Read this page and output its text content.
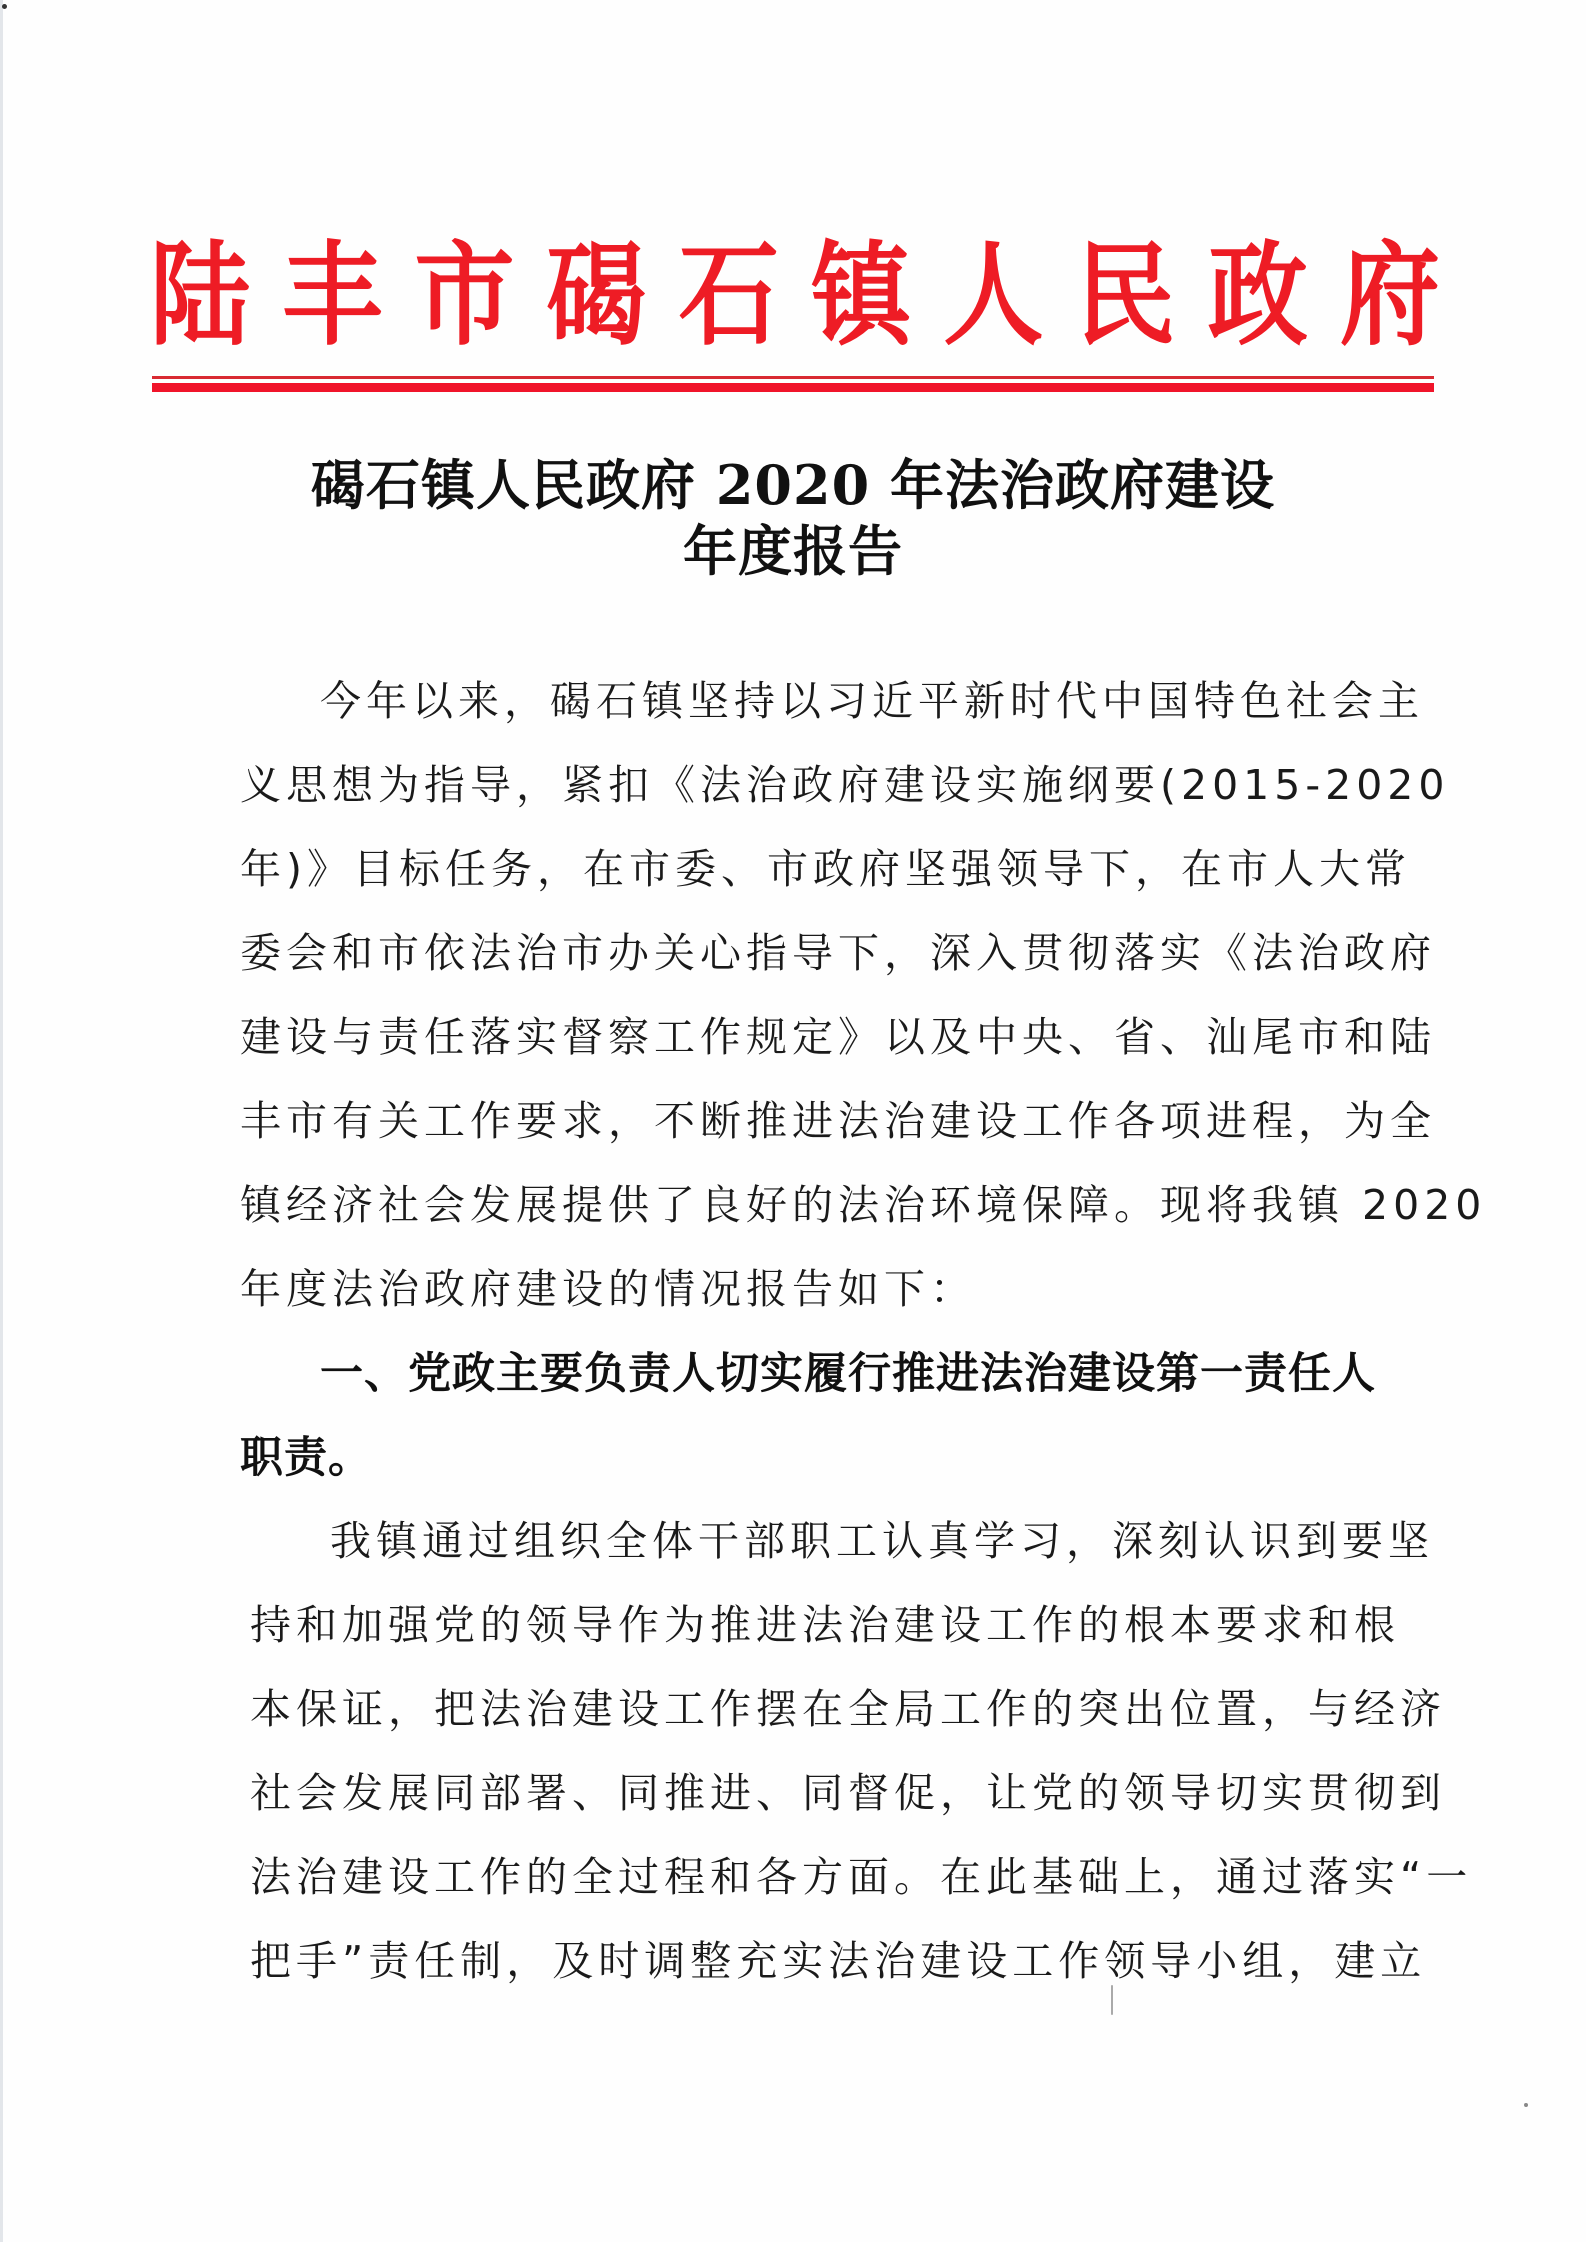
陆 丰 市 碣 石 镇 人 民 政 府
碣石镇人民政府 2020 年法治政府建设
年度报告
今年以来，碣石镇坚持以习近平新时代中国特色社会主
义思想为指导，紧扣《法治政府建设实施纲要(2015-2020
年)》目标任务，在市委、市政府坚强领导下，在市人大常
委会和市依法治市办关心指导下，深入贯彻落实《法治政府
建设与责任落实督察工作规定》以及中央、省、汕尾市和陆
丰市有关工作要求，不断推进法治建设工作各项进程，为全
镇经济社会发展提供了良好的法治环境保障。现将我镇 2020
年度法治政府建设的情况报告如下：
一、党政主要负责人切实履行推进法治建设第一责任人
职责。
我镇通过组织全体干部职工认真学习，深刻认识到要坚
持和加强党的领导作为推进法治建设工作的根本要求和根
本保证，把法治建设工作摆在全局工作的突出位置，与经济
社会发展同部署、同推进、同督促，让党的领导切实贯彻到
法治建设工作的全过程和各方面。在此基础上，通过落实“一
把手”责任制，及时调整充实法治建设工作领导小组，建立
